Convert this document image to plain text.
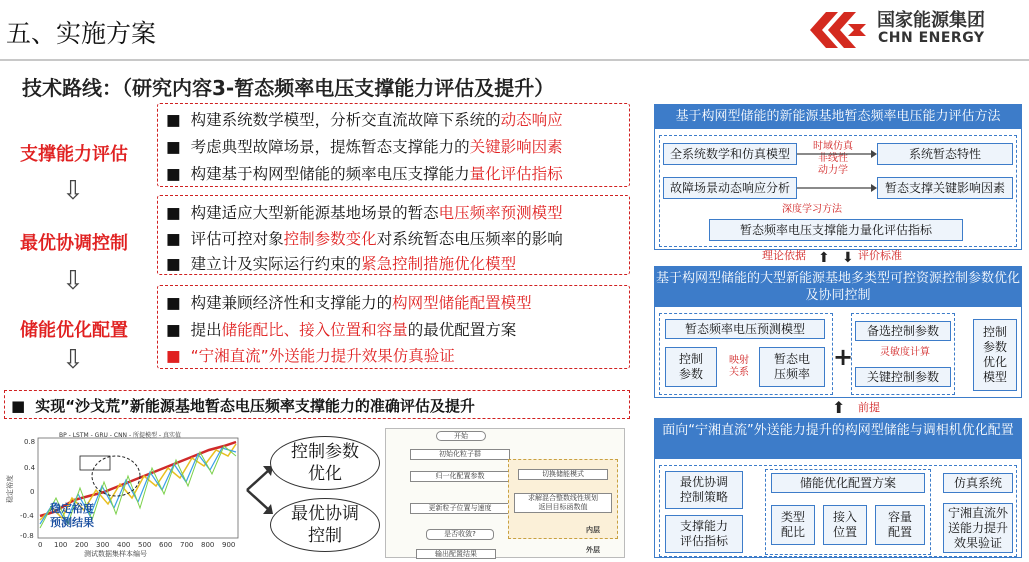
五、实施方案	国家能源集团
CHN ENERGY
技术路线：（研究内容3-暂态频率电压支撑能力评估及提升）
支撑能力评估
⇩
最优协调控制
⇩
储能优化配置
⇩
■ 构建系统数学模型，分析交直流故障下系统的动态响应
■ 考虑典型故障场景，提炼暂态支撑能力的关键影响因素
■ 构建基于构网型储能的频率电压支撑能力量化评估指标
■ 构建适应大型新能源基地场景的暂态电压频率预测模型
■ 评估可控对象控制参数变化对系统暂态电压频率的影响
■ 建立计及实际运行约束的紧急控制措施优化模型
■ 构建兼顾经济性和支撑能力的构网型储能配置模型
■ 提出储能配比、接入位置和容量的最优配置方案
■ “宁湘直流”外送能力提升效果仿真验证
■ 实现“沙戈荒”新能源基地暂态电压频率支撑能力的准确评估及提升
BP - LSTM - GRU - CNN - 所提模型 - 真实值
稳定裕度
预测结果
0.8
0.4
0
-0.4
-0.8
0 100 200 300 400 500 600 700 800 900
测试数据集样本编号
稳定裕度
控制参数
优化
最优协调
控制
开始
初始化粒子群
归一化配置参数
更新粒子位置与速度
是否收敛?
输出配置结果
切换储能模式
求解混合整数线性规划
返回目标函数值
内层
外层
基于构网型储能的新能源基地暂态频率电压能力评估方法
全系统数学和仿真模型	时域仿真
非线性
动力学
系统暂态特性
故障场景动态响应分析	暂态支撑关键影响因素
深度学习方法
暂态频率电压支撑能力量化评估指标
理论依据	评价标准
⬆ ⬇
基于构网型储能的大型新能源基地多类型可控资源控制参数优化及协同控制
暂态频率电压预测模型
控制
参数
映射
关系
暂态电
压频率
+
备选控制参数
灵敏度计算
关键控制参数
控制
参数
优化
模型
⬆ 前提
面向“宁湘直流”外送能力提升的构网型储能与调相机优化配置
最优协调
控制策略
支撑能力
评估指标
储能优化配置方案
类型
配比
接入
位置
容量
配置
仿真系统
宁湘直流外
送能力提升
效果验证
